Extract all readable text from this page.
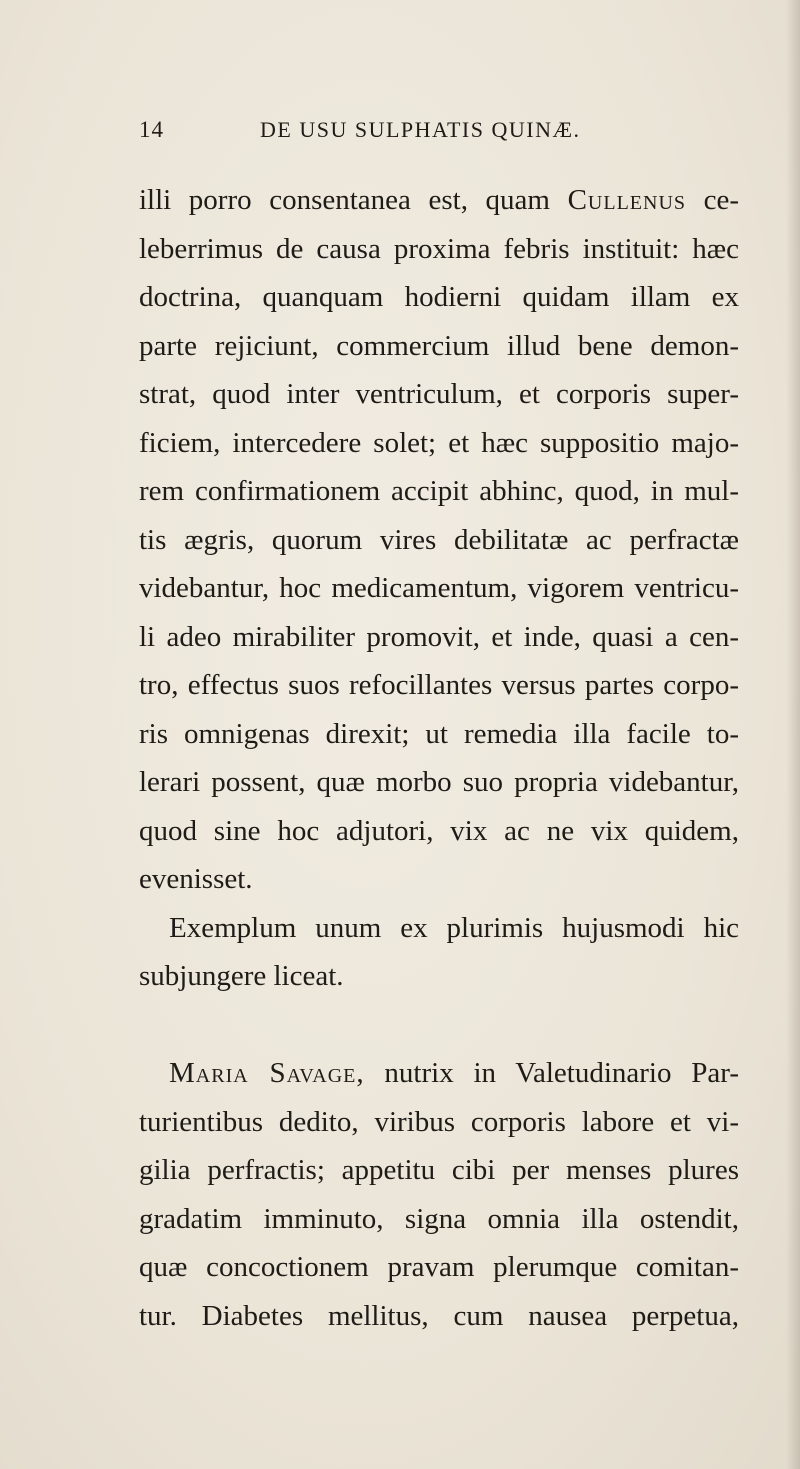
14	DE USU SULPHATIS QUINÆ.
illi porro consentanea est, quam Cullenus ce-
leberrimus de causa proxima febris instituit: hæc
doctrina, quanquam hodierni quidam illam ex
parte rejiciunt, commercium illud bene demon-
strat, quod inter ventriculum, et corporis super-
ficiem, intercedere solet; et hæc suppositio majo-
rem confirmationem accipit abhinc, quod, in mul-
tis ægris, quorum vires debilitatæ ac perfractæ
videbantur, hoc medicamentum, vigorem ventricu-
li adeo mirabiliter promovit, et inde, quasi a cen-
tro, effectus suos refocillantes versus partes corpo-
ris omnigenas direxit; ut remedia illa facile to-
lerari possent, quæ morbo suo propria videbantur,
quod sine hoc adjutori, vix ac ne vix quidem,
evenisset.
Exemplum unum ex plurimis hujusmodi hic
subjungere liceat.
Maria Savage, nutrix in Valetudinario Par-
turientibus dedito, viribus corporis labore et vi-
gilia perfractis; appetitu cibi per menses plures
gradatim imminuto, signa omnia illa ostendit,
quæ concoctionem pravam plerumque comitan-
tur. Diabetes mellitus, cum nausea perpetua,
